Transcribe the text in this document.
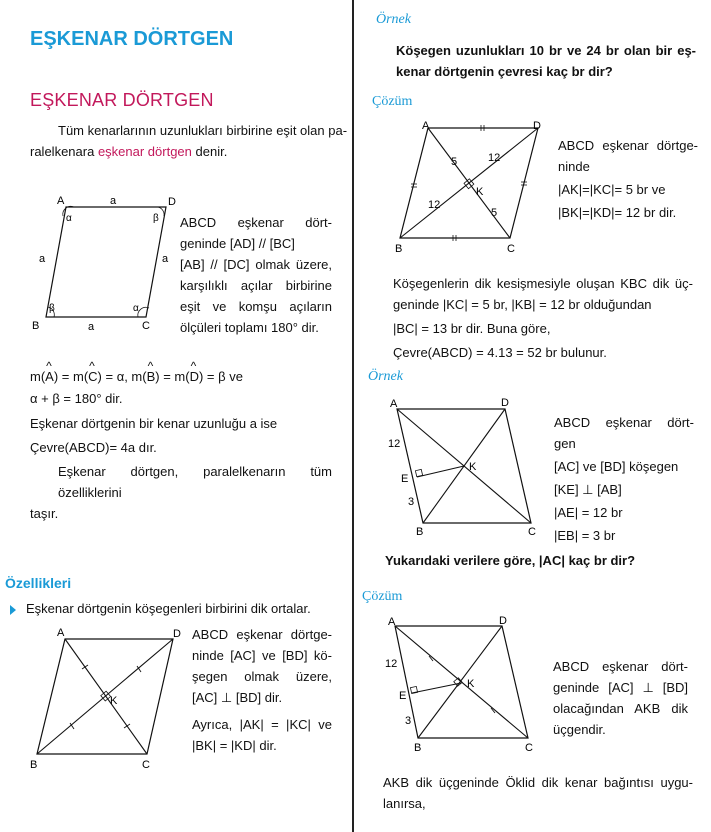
EŞKENAR DÖRTGEN
EŞKENAR DÖRTGEN
Tüm kenarlarının uzunlukları birbirine eşit olan pa-
ralelkenara eşkenar dörtgen denir.
A	D
B	C
a
a
a	a
α	β
β	α
ABCD eşkenar dört-
geninde [AD] // [BC]
[AB] // [DC] olmak üzere,
karşılıklı açılar birbirine
eşit ve komşu açıların
ölçüleri toplamı 180° dir.
m(^ A) = m(^ C) = α, m(^ B) = m(^ D) = β ve
α + β = 180° dir.
Eşkenar dörtgenin bir kenar uzunluğu a ise
Çevre(ABCD)= 4a dır.
Eşkenar dörtgen, paralelkenarın tüm özelliklerini
taşır.
Özellikleri
Eşkenar dörtgenin köşegenleri birbirini dik ortalar.
A	D
B	C
K
ABCD eşkenar dörtge-
ninde [AC] ve [BD] kö-
şegen olmak üzere,
[AC] ⊥ [BD] dir.
Ayrıca, |AK| = |KC| ve
|BK| = |KD| dir.
Örnek
Köşegen uzunlukları 10 br ve 24 br olan bir eş-
kenar dörtgenin çevresi kaç br dir?
Çözüm
A	D
B	C
K
5	12
12
5
ABCD eşkenar dörtge-
ninde
|AK|=|KC|= 5 br ve
|BK|=|KD|= 12 br dir.
Köşegenlerin dik kesişmesiyle oluşan KBC dik üç-
geninde |KC| = 5 br, |KB| = 12 br olduğundan
|BC| = 13 br dir. Buna göre,
Çevre(ABCD) = 4.13 = 52 br bulunur.
Örnek
A	D
B	C
E
K
12
3
ABCD eşkenar dört-
gen
[AC] ve [BD] köşegen
[KE] ⊥ [AB]
|AE| = 12 br
|EB| = 3 br
Yukarıdaki verilere göre, |AC| kaç br dir?
Çözüm
A	D
B	C
E
K
12
3
ABCD eşkenar dört-
geninde [AC] ⊥ [BD]
olacağından AKB dik
üçgendir.
AKB dik üçgeninde Öklid dik kenar bağıntısı uygu-
lanırsa,
